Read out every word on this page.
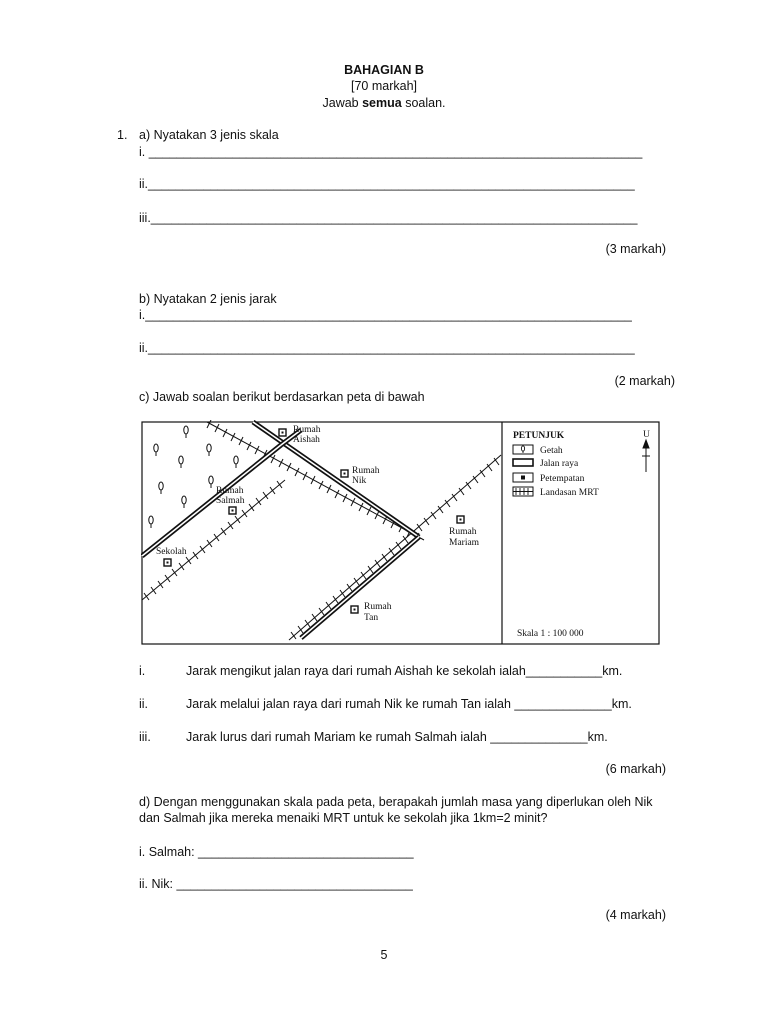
BAHAGIAN B
[70 markah]
Jawab semua soalan.
1. a) Nyatakan 3 jenis skala
i. _______________________________________________________________________
ii.______________________________________________________________________
iii.______________________________________________________________________
(3 markah)
b) Nyatakan 2 jenis jarak
i.______________________________________________________________________
ii.______________________________________________________________________
(2 markah)
c) Jawab soalan berikut berdasarkan peta di bawah
Rumah
Aishah
Rumah
Nik
Rumah
Salmah
Rumah
Mariam
Sekolah
Rumah
Tan
PETUNJUK	U
Getah
Jalan raya
Petempatan
Landasan MRT
Skala 1 : 100 000
i.	Jarak mengikut jalan raya dari rumah Aishah ke sekolah ialah___________km.
ii.	Jarak melalui jalan raya dari rumah Nik ke rumah Tan ialah ______________km.
iii.	Jarak lurus dari rumah Mariam ke rumah Salmah ialah ______________km.
(6 markah)
d) Dengan menggunakan skala pada peta, berapakah jumlah masa yang diperlukan oleh Nik
dan Salmah jika mereka menaiki MRT untuk ke sekolah jika 1km=2 minit?
i. Salmah: _______________________________
ii. Nik: __________________________________
(4 markah)
5
